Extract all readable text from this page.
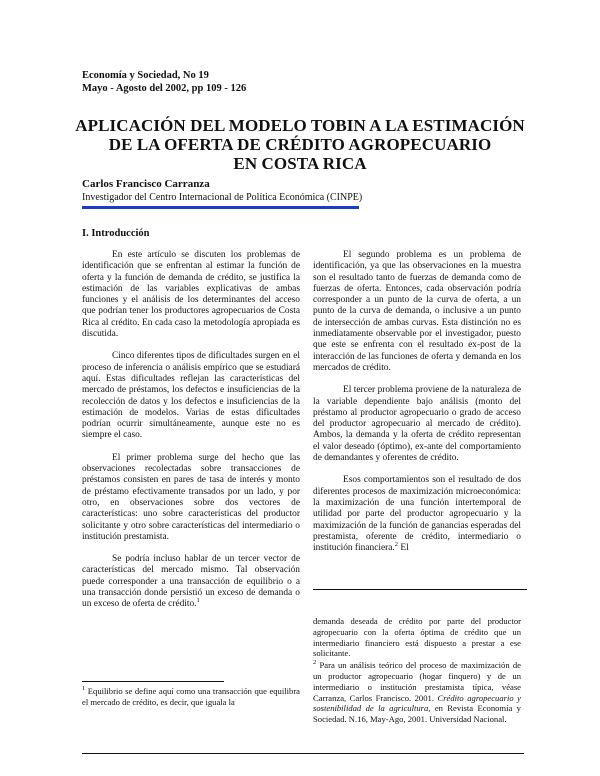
Economía y Sociedad, No 19
Mayo - Agosto del 2002, pp 109 - 126
APLICACIÓN DEL MODELO TOBIN A LA ESTIMACIÓN
DE LA OFERTA DE CRÉDITO AGROPECUARIO
EN COSTA RICA
Carlos Francisco Carranza
Investigador del Centro Internacional de Política Económica (CINPE)
I. Introducción

En este artículo se discuten los problemas de identificación que se enfrentan al estimar la función de oferta y la función de demanda de crédito, se justifica la estimación de las variables explicativas de ambas funciones y el análisis de los determinantes del acceso que podrían tener los productores agropecuarios de Costa Rica al crédito. En cada caso la metodología apropiada es discutida.

Cinco diferentes tipos de dificultades surgen en el proceso de inferencia o análisis empírico que se estudiará aquí. Estas dificultades reflejan las características del mercado de préstamos, los defectos e insuficiencias de la recolección de datos y los defectos e insuficiencias de la estimación de modelos. Varias de estas dificultades podrían ocurrir simultáneamente, aunque este no es siempre el caso.

El primer problema surge del hecho que las observaciones recolectadas sobre transacciones de préstamos consisten en pares de tasa de interés y monto de préstamo efectivamente transados por un lado, y por otro, en observaciones sobre dos vectores de características: uno sobre características del productor solicitante y otro sobre características del intermediario o institución prestamista.

Se podría incluso hablar de un tercer vector de características del mercado mismo. Tal observación puede corresponder a una transacción de equilibrio o a una transacción donde persistió un exceso de demanda o un exceso de oferta de crédito.$^1$

$^1$ Equilibrio se define aquí como una transacción que equilibra el mercado de crédito, es decir, que iguala la

El segundo problema es un problema de identificación, ya que las observaciones en la muestra son el resultado tanto de fuerzas de demanda como de fuerzas de oferta. Entonces, cada observación podría corresponder a un punto de la curva de oferta, a un punto de la curva de demanda, o inclusive a un punto de intersección de ambas curvas. Esta distinción no es inmediatamente observable por el investigador, puesto que este se enfrenta con el resultado ex-post de la interacción de las funciones de oferta y demanda en los mercados de crédito.

El tercer problema proviene de la naturaleza de la variable dependiente bajo análisis (monto del préstamo al productor agropecuario o grado de acceso del productor agropecuario al mercado de crédito). Ambos, la demanda y la oferta de crédito representan el valor deseado (óptimo), ex-ante del comportamiento de demandantes y oferentes de crédito.

Esos comportamientos son el resultado de dos diferentes procesos de maximización microeconómica: la maximización de una función intertemporal de utilidad por parte del productor agropecuario y la maximización de la función de ganancias esperadas del prestamista, oferente de crédito, intermediario o institución financiera.$^2$ El

demanda deseada de crédito por parte del productor agropecuario con la oferta óptima de crédito que un intermediario financiero está dispuesto a prestar a ese solicitante.

$^2$ Para un análisis teórico del proceso de maximización de un productor agropecuario (hogar finquero) y de un intermediario o institución prestamista típica, véase Carranza, Carlos Francisco. 2001. Crédito agropecuario y sostenibilidad de la agricultura, en Revista Economía y Sociedad. N.16, May-Ago, 2001. Universidad Nacional.
